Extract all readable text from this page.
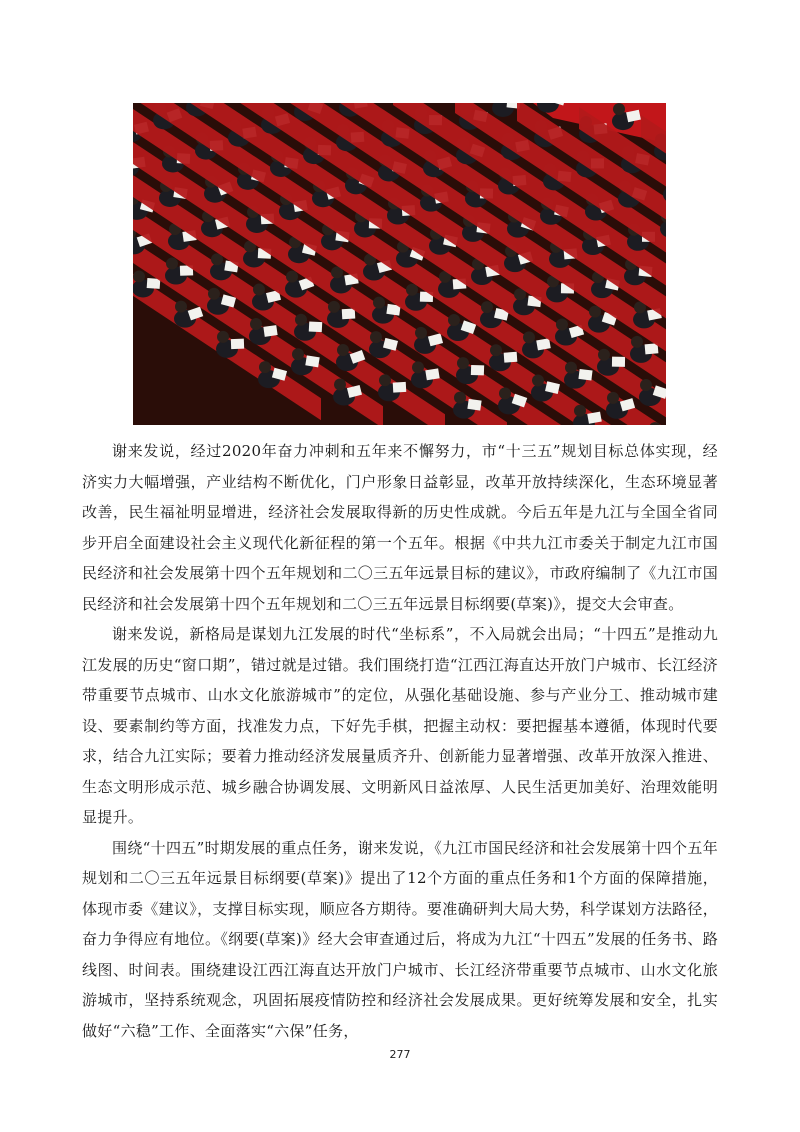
谢来发说，经过2020年奋力冲刺和五年来不懈努力，市“十三五”规划目标总体实现，经济实力大幅增强，产业结构不断优化，门户形象日益彰显，改革开放持续深化，生态环境显著改善，民生福祉明显增进，经济社会发展取得新的历史性成就。今后五年是九江与全国全省同步开启全面建设社会主义现代化新征程的第一个五年。根据《中共九江市委关于制定九江市国民经济和社会发展第十四个五年规划和二〇三五年远景目标的建议》，市政府编制了《九江市国民经济和社会发展第十四个五年规划和二〇三五年远景目标纲要(草案)》，提交大会审查。

谢来发说，新格局是谋划九江发展的时代“坐标系”，不入局就会出局；“十四五”是推动九江发展的历史“窗口期”，错过就是过错。我们围绕打造“江西江海直达开放门户城市、长江经济带重要节点城市、山水文化旅游城市”的定位，从强化基础设施、参与产业分工、推动城市建设、要素制约等方面，找准发力点，下好先手棋，把握主动权：要把握基本遵循，体现时代要求，结合九江实际；要着力推动经济发展量质齐升、创新能力显著增强、改革开放深入推进、生态文明形成示范、城乡融合协调发展、文明新风日益浓厚、人民生活更加美好、治理效能明显提升。

围绕“十四五”时期发展的重点任务，谢来发说，《九江市国民经济和社会发展第十四个五年规划和二〇三五年远景目标纲要(草案)》提出了12个方面的重点任务和1个方面的保障措施，体现市委《建议》，支撑目标实现，顺应各方期待。要准确研判大局大势，科学谋划方法路径，奋力争得应有地位。《纲要(草案)》经大会审查通过后，将成为九江“十四五”发展的任务书、路线图、时间表。围绕建设江西江海直达开放门户城市、长江经济带重要节点城市、山水文化旅游城市，坚持系统观念，巩固拓展疫情防控和经济社会发展成果。更好统筹发展和安全，扎实做好“六稳”工作、全面落实“六保”任务，

277
